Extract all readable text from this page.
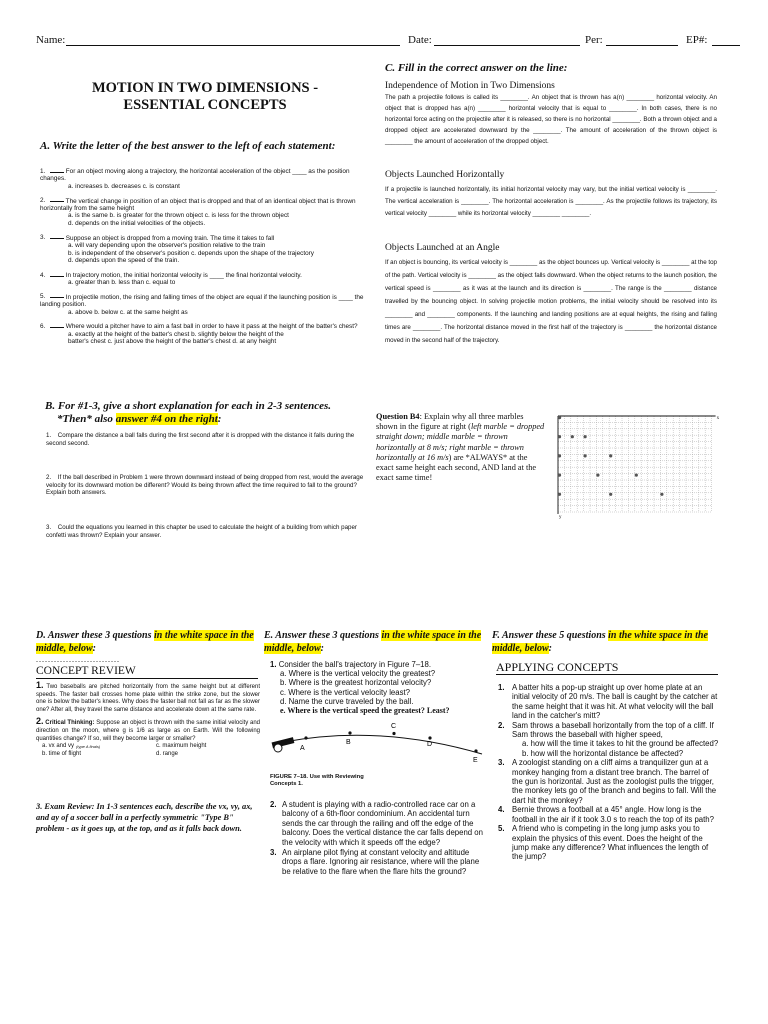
Name:	Date:	Per:	EP#:
MOTION IN TWO DIMENSIONS -
ESSENTIAL CONCEPTS
A. Write the letter of the best answer to the left of each statement:
1.	For an object moving along a trajectory, the horizontal acceleration of the object ____ as the position changes.
a. increases b. decreases c. is constant
2.	The vertical change in position of an object that is dropped and that of an identical object that is thrown horizontally from the same height
a. is the same b. is greater for the thrown object c. is less for the thrown object
d. depends on the initial velocities of the objects.
3.	Suppose an object is dropped from a moving train. The time it takes to fall
a. will vary depending upon the observer's position relative to the train
b. is independent of the observer's position c. depends upon the shape of the trajectory
d. depends upon the speed of the train.
4.	In trajectory motion, the initial horizontal velocity is ____ the final horizontal velocity.
a. greater than b. less than c. equal to
5.	In projectile motion, the rising and falling times of the object are equal if the launching position is ____ the landing position.
a. above b. below c. at the same height as
6.	Where would a pitcher have to aim a fast ball in order to have it pass at the height of the batter's chest?
a. exactly at the height of the batter's chest b. slightly below the height of the
batter's chest c. just above the height of the batter's chest d. at any height
C. Fill in the correct answer on the line:
Independence of Motion in Two Dimensions
The path a projectile follows is called its ________. An object that is thrown has a(n) ________ horizontal velocity. An object that is dropped has a(n) ________ horizontal velocity that is equal to ________. In both cases, there is no horizontal force acting on the projectile after it is released, so there is no horizontal ________. Both a thrown object and a dropped object are accelerated downward by the ________. The amount of acceleration of the thrown object is ________ the amount of acceleration of the dropped object.
Objects Launched Horizontally
If a projectile is launched horizontally, its initial horizontal velocity may vary, but the initial vertical velocity is ________. The vertical acceleration is ________. The horizontal acceleration is ________. As the projectile follows its trajectory, its vertical velocity ________ while its horizontal velocity ________ ________.
Objects Launched at an Angle
If an object is bouncing, its vertical velocity is ________ as the object bounces up. Vertical velocity is ________ at the top of the path. Vertical velocity is ________ as the object falls downward. When the object returns to the launch position, the vertical speed is ________ as it was at the launch and its direction is ________. The range is the ________ distance travelled by the bouncing object. In solving projectile motion problems, the initial velocity should be resolved into its ________ and ________ components. If the launching and landing positions are at equal heights, the rising and falling times are ________. The horizontal distance moved in the first half of the trajectory is ________ the horizontal distance moved in the second half of the trajectory.
B. For #1-3, give a short explanation for each in 2-3 sentences.
*Then* also answer #4 on the right:
1. Compare the distance a ball falls during the first second after it is dropped with the distance it falls during the second second.
2. If the ball described in Problem 1 were thrown downward instead of being dropped from rest, would the average velocity for its downward motion be different? Would its being thrown affect the time required to fall to the ground? Explain both answers.
3. Could the equations you learned in this chapter be used to calculate the height of a building from which paper confetti was thrown? Explain your answer.
Question B4: Explain why all three marbles shown in the figure at right (left marble = dropped straight down; middle marble = thrown horizontally at 8 m/s; right marble = thrown horizontally at 16 m/s) are *ALWAYS* at the exact same height each second, AND land at the exact same time!
x
y
D. Answer these 3 questions in the white space in the middle, below:
............................
CONCEPT REVIEW
1. Two baseballs are pitched horizontally from the same height but at different speeds. The faster ball crosses home plate within the strike zone, but the slower one is below the batter's knees. Why does the faster ball not fall as far as the slower one? After all, they travel the same distance and accelerate down at the same rate.
2. Critical Thinking: Suppose an object is thrown with the same initial velocity and direction on the moon, where g is 1/6 as large as on Earth. Will the following quantities change? If so, will they become larger or smaller?
a. vx and vy (type A finals)	c. maximum height
b. time of flight	d. range
3. Exam Review: In 1-3 sentences each, describe the vx, vy, ax, and ay of a soccer ball in a perfectly symmetric "Type B" problem - as it goes up, at the top, and as it falls back down.
E. Answer these 3 questions in the white space in the middle, below:
1. Consider the ball's trajectory in Figure 7–18.
a. Where is the vertical velocity the greatest?
b. Where is the greatest horizontal velocity?
c. Where is the vertical velocity least?
d. Name the curve traveled by the ball.
e. Where is the vertical speed the greatest? Least?
A
B
C
D
E
FIGURE 7–18. Use with Reviewing Concepts 1.
2. A student is playing with a radio-controlled race car on a balcony of a 6th-floor condominium. An accidental turn sends the car through the railing and off the edge of the balcony. Does the vertical distance the car falls depend on the velocity with which it speeds off the edge?
3. An airplane pilot flying at constant velocity and altitude drops a flare. Ignoring air resistance, where will the plane be relative to the flare when the flare hits the ground?
F. Answer these 5 questions in the white space in the middle, below:
APPLYING CONCEPTS
1. A batter hits a pop-up straight up over home plate at an initial velocity of 20 m/s. The ball is caught by the catcher at the same height that it was hit. At what velocity will the ball land in the catcher's mitt?
2. Sam throws a baseball horizontally from the top of a cliff. If Sam throws the baseball with higher speed,
a. how will the time it takes to hit the ground be affected?
b. how will the horizontal distance be affected?
3. A zoologist standing on a cliff aims a tranquilizer gun at a monkey hanging from a distant tree branch. The barrel of the gun is horizontal. Just as the zoologist pulls the trigger, the monkey lets go of the branch and begins to fall. Will the dart hit the monkey?
4. Bernie throws a football at a 45° angle. How long is the football in the air if it took 3.0 s to reach the top of its path?
5. A friend who is competing in the long jump asks you to explain the physics of this event. Does the height of the jump make any difference? What influences the length of the jump?
